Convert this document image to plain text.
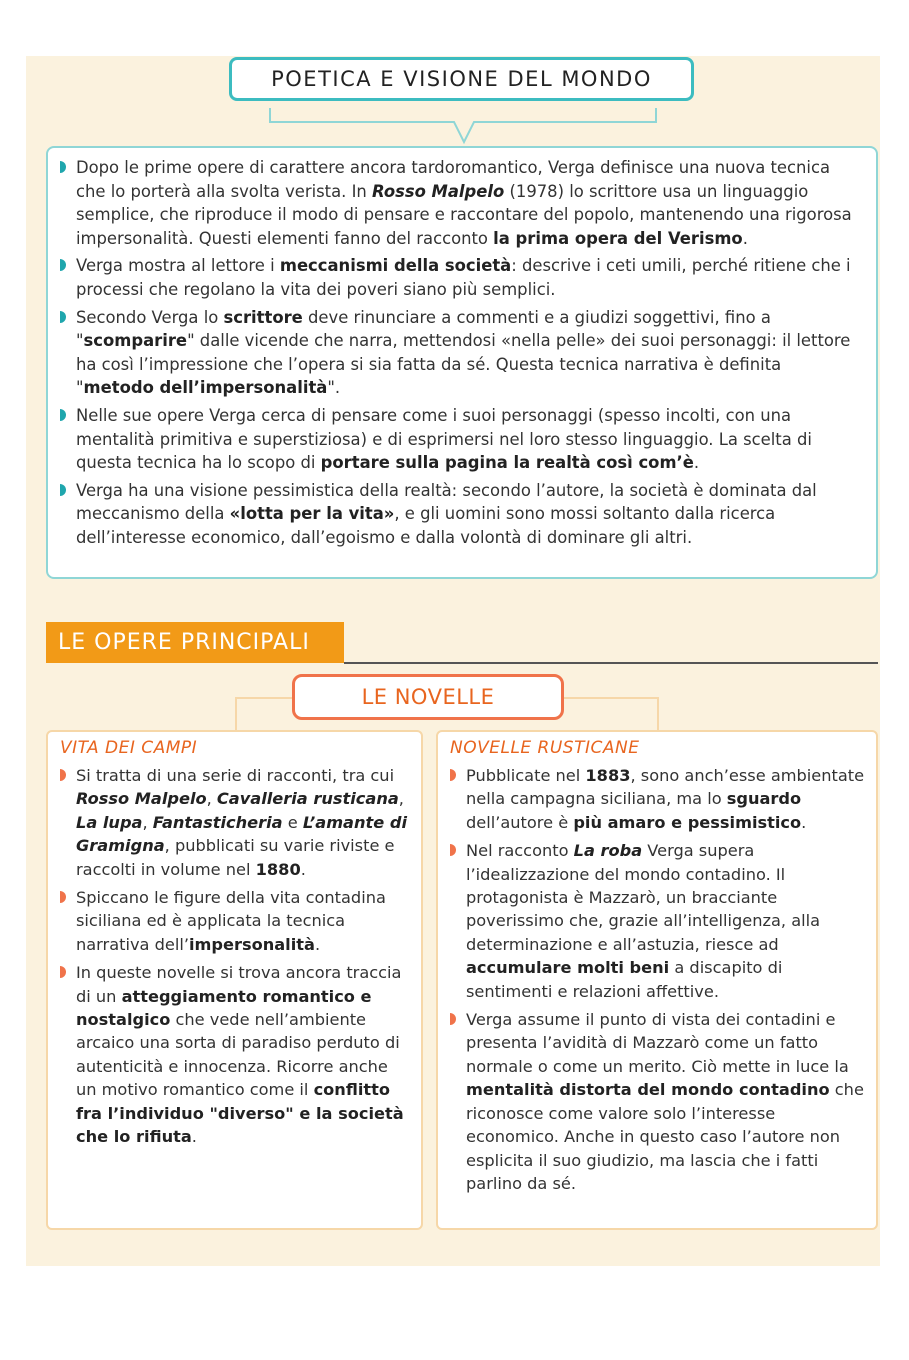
POETICA E VISIONE DEL MONDO
Dopo le prime opere di carattere ancora tardoromantico, Verga definisce una nuova tecnica che lo porterà alla svolta verista. In Rosso Malpelo (1978) lo scrittore usa un linguaggio semplice, che riproduce il modo di pensare e raccontare del popolo, mantenendo una rigorosa impersonalità. Questi elementi fanno del racconto la prima opera del Verismo.
Verga mostra al lettore i meccanismi della società: descrive i ceti umili, perché ritiene che i processi che regolano la vita dei poveri siano più semplici.
Secondo Verga lo scrittore deve rinunciare a commenti e a giudizi soggettivi, fino a "scomparire" dalle vicende che narra, mettendosi «nella pelle» dei suoi personaggi: il lettore ha così l’impressione che l’opera si sia fatta da sé. Questa tecnica narrativa è definita "metodo dell’impersonalità".
Nelle sue opere Verga cerca di pensare come i suoi personaggi (spesso incolti, con una mentalità primitiva e superstiziosa) e di esprimersi nel loro stesso linguaggio. La scelta di questa tecnica ha lo scopo di portare sulla pagina la realtà così com’è.
Verga ha una visione pessimistica della realtà: secondo l’autore, la società è dominata dal meccanismo della «lotta per la vita», e gli uomini sono mossi soltanto dalla ricerca dell’interesse economico, dall’egoismo e dalla volontà di dominare gli altri.
LE OPERE PRINCIPALI
LE NOVELLE
VITA DEI CAMPI
Si tratta di una serie di racconti, tra cui Rosso Malpelo, Cavalleria rusticana, La lupa, Fantasticheria e L’amante di Gramigna, pubblicati su varie riviste e raccolti in volume nel 1880.
Spiccano le figure della vita contadina siciliana ed è applicata la tecnica narrativa dell’impersonalità.
In queste novelle si trova ancora traccia di un atteggiamento romantico e nostalgico che vede nell’ambiente arcaico una sorta di paradiso perduto di autenticità e innocenza. Ricorre anche un motivo romantico come il conflitto fra l’individuo "diverso" e la società che lo rifiuta.
NOVELLE RUSTICANE
Pubblicate nel 1883, sono anch’esse ambientate nella campagna siciliana, ma lo sguardo dell’autore è più amaro e pessimistico.
Nel racconto La roba Verga supera l’idealizzazione del mondo contadino. Il protagonista è Mazzarò, un bracciante poverissimo che, grazie all’intelligenza, alla determinazione e all’astuzia, riesce ad accumulare molti beni a discapito di sentimenti e relazioni affettive.
Verga assume il punto di vista dei contadini e presenta l’avidità di Mazzarò come un fatto normale o come un merito. Ciò mette in luce la mentalità distorta del mondo contadino che riconosce come valore solo l’interesse economico. Anche in questo caso l’autore non esplicita il suo giudizio, ma lascia che i fatti parlino da sé.
